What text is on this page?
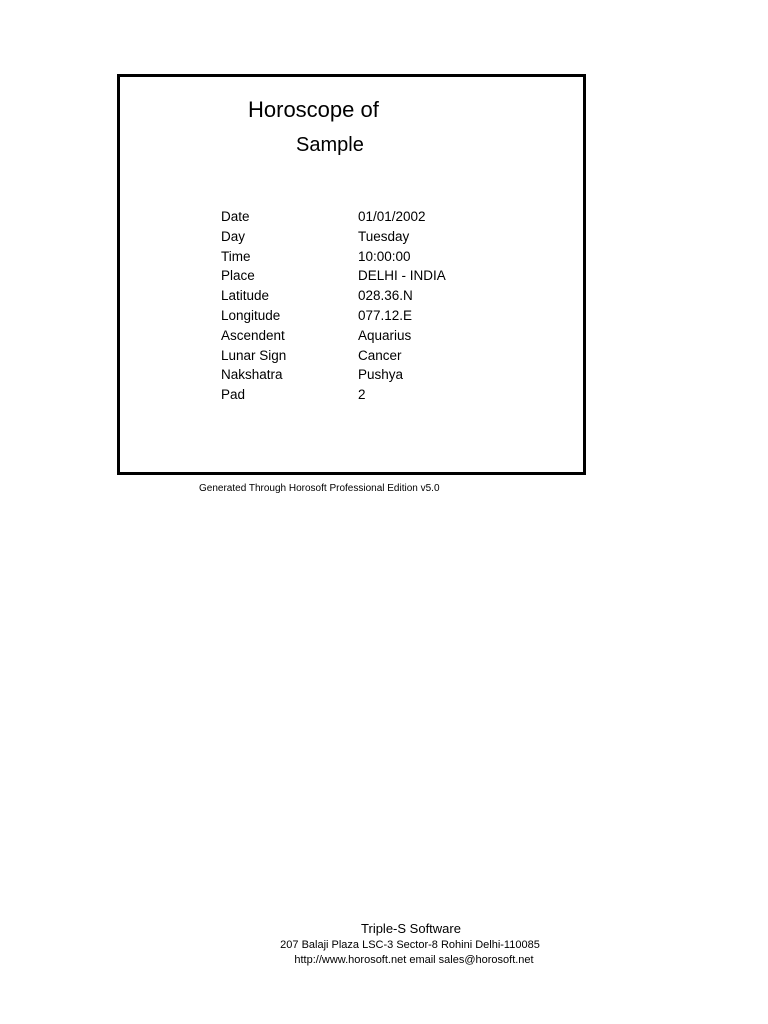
Horoscope of
Sample
Date	01/01/2002
Day	Tuesday
Time	10:00:00
Place	DELHI - INDIA
Latitude	028.36.N
Longitude	077.12.E
Ascendent	Aquarius
Lunar Sign	Cancer
Nakshatra	Pushya
Pad	2
Generated Through Horosoft Professional Edition v5.0
Triple-S Software
207 Balaji Plaza LSC-3 Sector-8 Rohini Delhi-110085
http://www.horosoft.net email sales@horosoft.net
